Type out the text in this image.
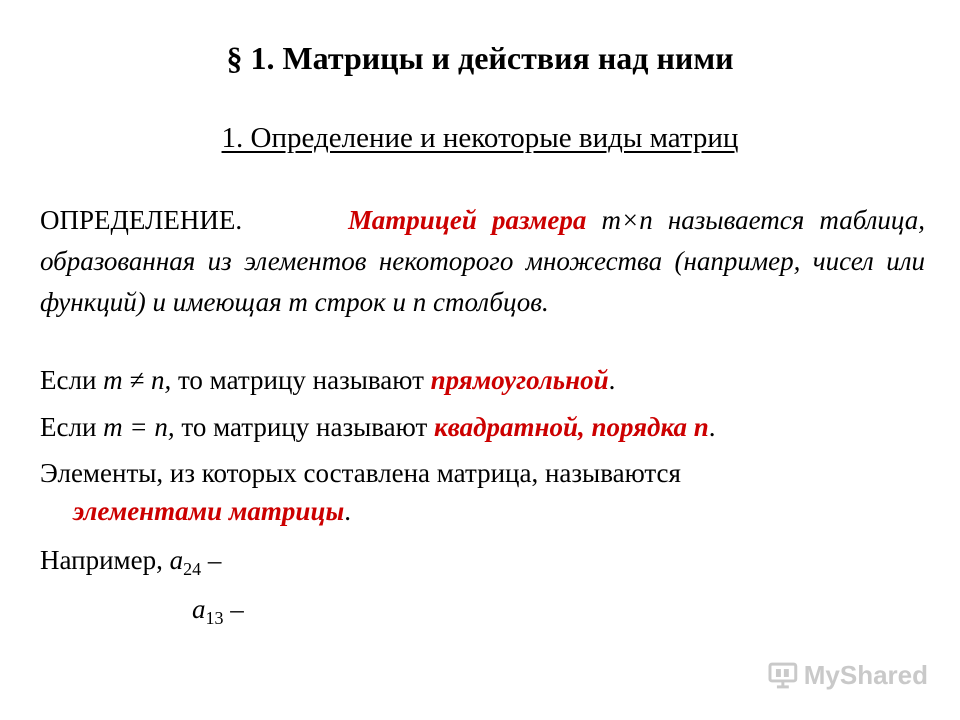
§ 1. Матрицы и действия над ними
1. Определение и некоторые виды матриц
ОПРЕДЕЛЕНИЕ.	Матрицей размера m×n называется таблица, образованная из элементов некоторого множества (например, чисел или функций) и имеющая m строк и n столбцов.
Если m ≠ n, то матрицу называют прямоугольной.
Если m = n, то матрицу называют квадратной, порядка n.
Элементы, из которых составлена матрица, называются
элементами матрицы.
Например, $a_{24}$ –
$a_{13}$ –
MyShared
